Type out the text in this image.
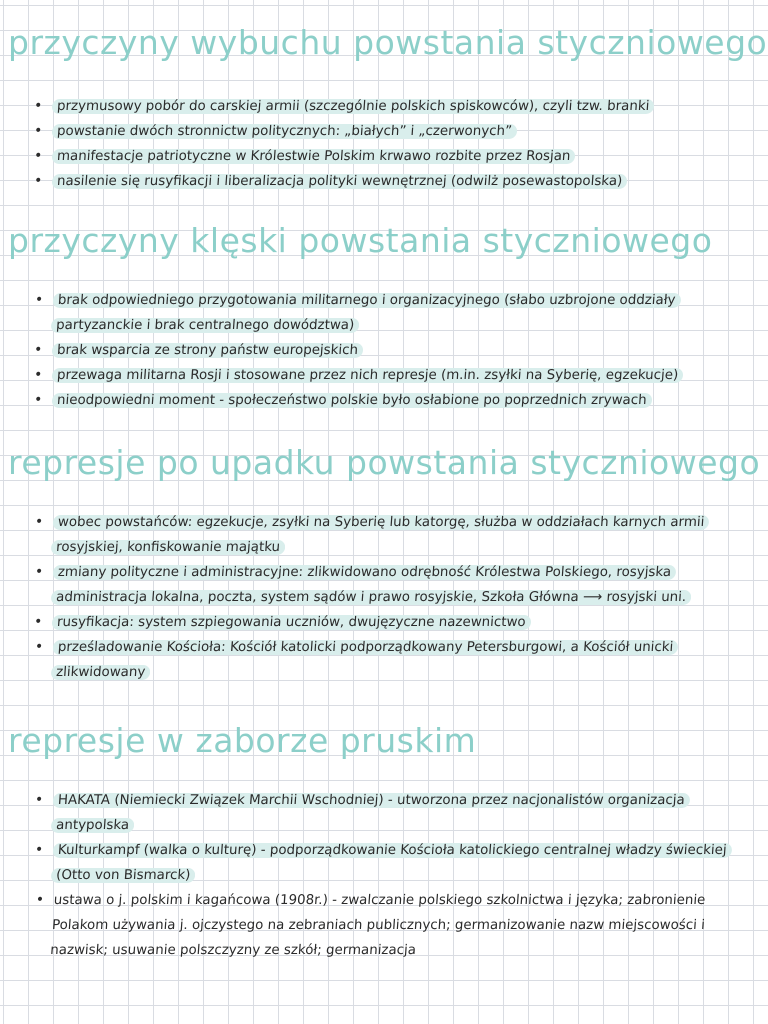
przyczyny wybuchu powstania styczniowego
• przymusowy pobór do carskiej armii (szczególnie polskich spiskowców), czyli tzw. branki
• powstanie dwóch stronnictw politycznych: „białych” i „czerwonych”
• manifestacje patriotyczne w Królestwie Polskim krwawo rozbite przez Rosjan
• nasilenie się rusyfikacji i liberalizacja polityki wewnętrznej (odwilż posewastopolska)
przyczyny klęski powstania styczniowego
• brak odpowiedniego przygotowania militarnego i organizacyjnego (słabo uzbrojone oddziały partyzanckie i brak centralnego dowództwa)
• brak wsparcia ze strony państw europejskich
• przewaga militarna Rosji i stosowane przez nich represje (m.in. zsyłki na Syberię, egzekucje)
• nieodpowiedni moment - społeczeństwo polskie było osłabione po poprzednich zrywach
represje po upadku powstania styczniowego
• wobec powstańców: egzekucje, zsyłki na Syberię lub katorgę, służba w oddziałach karnych armii rosyjskiej, konfiskowanie majątku
• zmiany polityczne i administracyjne: zlikwidowano odrębność Królestwa Polskiego, rosyjska administracja lokalna, poczta, system sądów i prawo rosyjskie, Szkoła Główna ⟶ rosyjski uni.
• rusyfikacja: system szpiegowania uczniów, dwujęzyczne nazewnictwo
• prześladowanie Kościoła: Kościół katolicki podporządkowany Petersburgowi, a Kościół unicki zlikwidowany
represje w zaborze pruskim
• HAKATA (Niemiecki Związek Marchii Wschodniej) - utworzona przez nacjonalistów organizacja antypolska
• Kulturkampf (walka o kulturę) - podporządkowanie Kościoła katolickiego centralnej władzy świeckiej (Otto von Bismarck)
• ustawa o j. polskim i kagańcowa (1908r.) - zwalczanie polskiego szkolnictwa i języka; zabronienie Polakom używania j. ojczystego na zebraniach publicznych; germanizowanie nazw miejscowości i nazwisk; usuwanie polszczyzny ze szkół; germanizacja
